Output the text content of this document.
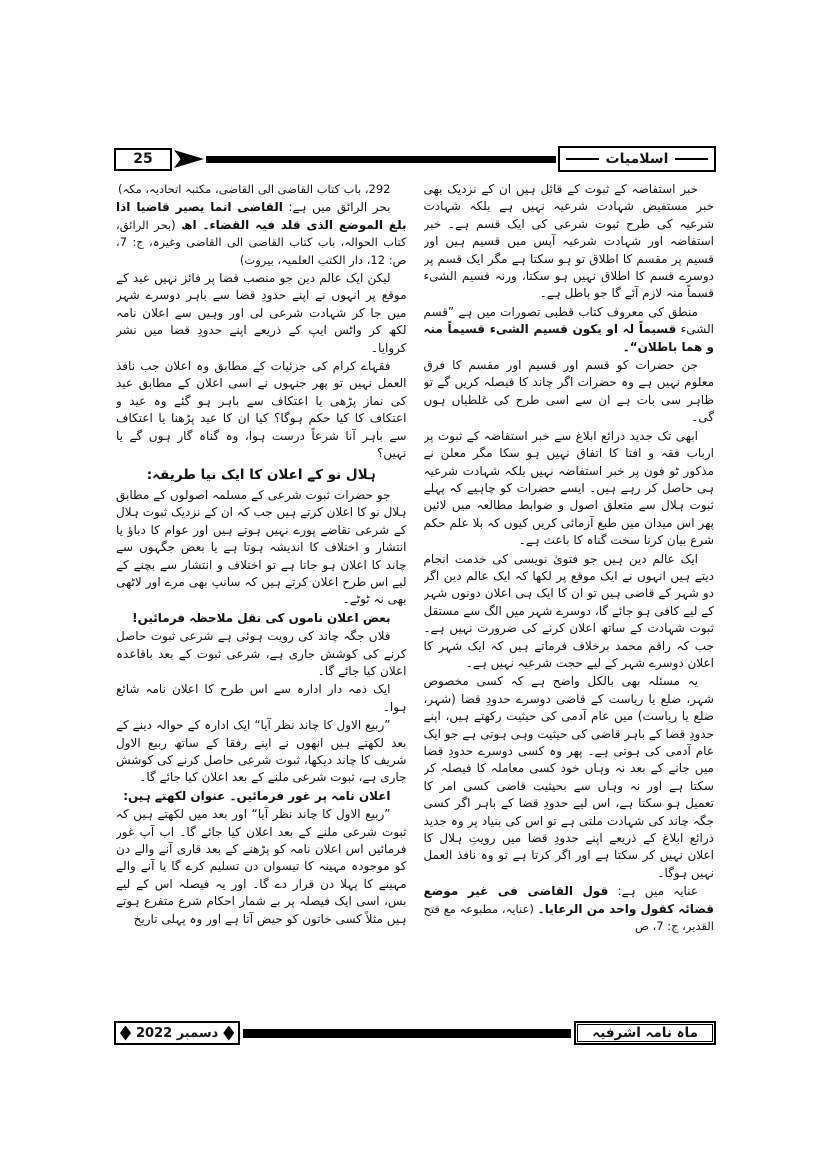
25	اسلامیات

خبر استفاضہ کے ثبوت کے قائل ہیں ان کے نزدیک بھی خبر مستفیض شہادت شرعیہ نہیں ہے بلکہ شہادت شرعیہ کی طرح ثبوت شرعی کی ایک قسم ہے۔ خبر استفاضہ اور شہادت شرعیہ آپس میں قسیم ہیں اور قسیم پر مقسم کا اطلاق تو ہو سکتا ہے مگر ایک قسم پر دوسرے قسم کا اطلاق نہیں ہو سکتا، ورنہ قسیم الشیء قسماً منہ لازم آئے گا جو باطل ہے۔

منطق کی معروف کتاب قطبی تصورات میں ہے ”قسم الشیء قسیماً لہ او یکون قسیم الشیء قسیماً منہ و ھما باطلان“۔

جن حضرات کو قسم اور قسیم اور مقسم کا فرق معلوم نہیں ہے وہ حضرات اگر چاند کا فیصلہ کریں گے تو ظاہر سی بات ہے ان سے اسی طرح کی غلطیاں ہوں گی۔

ابھی تک جدید ذرائع ابلاغ سے خبر استفاضہ کے ثبوت پر ارباب فقہ و افتا کا اتفاق نہیں ہو سکا مگر معلن نے مذکور ٹو فون پر خبر استفاضہ نہیں بلکہ شہادت شرعیہ ہی حاصل کر رہے ہیں۔ ایسے حضرات کو چاہیے کہ پہلے ثبوت ہلال سے متعلق اصول و ضوابط مطالعہ میں لائیں پھر اس میدان میں طبع آزمائی کریں کیوں کہ بلا علم حکم شرع بیان کرنا سخت گناہ کا باعث ہے۔

ایک عالم دین ہیں جو فتویٰ نویسی کی خدمت انجام دیتے ہیں انہوں نے ایک موقع پر لکھا کہ ایک عالم دین اگر دو شہر کے قاضی ہیں تو ان کا ایک ہی اعلان دونوں شہر کے لیے کافی ہو جائے گا، دوسرے شہر میں الگ سے مستقل ثبوت شہادت کے ساتھ اعلان کرنے کی ضرورت نہیں ہے۔ جب کہ راقم محمد برخلاف فرماتے ہیں کہ ایک شہر کا اعلان دوسرے شہر کے لیے حجت شرعیہ نہیں ہے۔

یہ مسئلہ بھی بالکل واضح ہے کہ کسی مخصوص شہر، ضلع یا ریاست کے قاضی دوسرے حدودِ قضا (شہر، ضلع یا ریاست) میں عام آدمی کی حیثیت رکھتے ہیں، اپنے حدودِ قضا کے باہر قاضی کی حیثیت وہی ہوتی ہے جو ایک عام آدمی کی ہوتی ہے۔ پھر وہ کسی دوسرے حدودِ قضا میں جانے کے بعد نہ وہاں خود کسی معاملہ کا فیصلہ کر سکتا ہے اور نہ وہاں سے بحیثیت قاضی کسی امر کا تعمیل ہو سکتا ہے، اس لیے حدودِ قضا کے باہر اگر کسی جگہ چاند کی شہادت ملتی ہے تو اس کی بنیاد پر وہ جدید ذرائع ابلاغ کے ذریعے اپنے حدودِ قضا میں رویتِ ہلال کا اعلان نہیں کر سکتا ہے اور اگر کرتا ہے تو وہ نافذ العمل نہیں ہوگا۔

عنایہ میں ہے: قول القاضی فی غیر موضع قضائہ کقول واحد من الرعایا۔ (عنایہ، مطبوعہ مع فتح القدیر، ج: 7، ص

292، باب کتاب القاضی الی القاضی، مکتبہ اتحادیہ، مکہ)

بحر الرائق میں ہے: القاضی انما یصیر قاضیا اذا بلغ الموضع الذی قلد فیہ القضاء۔ اھ (بحر الرائق، کتاب الحوالہ، باب کتاب القاضی الی القاضی وغیرہ، ج: 7، ص: 12، دار الکتب العلمیہ، بیروت)

لیکن ایک عالم دین جو منصب قضا پر فائز نہیں عید کے موقع پر انہوں نے اپنے حدودِ قضا سے باہر دوسرے شہر میں جا کر شہادت شرعی لی اور وہیں سے اعلان نامہ لکھ کر واٹس ایپ کے ذریعے اپنے حدودِ قضا میں نشر کروایا۔

فقہاے کرام کی جزئیات کے مطابق وہ اعلان جب نافذ العمل نہیں تو پھر جنہوں نے اسی اعلان کے مطابق عید کی نماز پڑھی یا اعتکاف سے باہر ہو گئے وہ عید و اعتکاف کا کیا حکم ہوگا؟ کیا ان کا عید پڑھنا یا اعتکاف سے باہر آنا شرعاً درست ہوا، وہ گناہ گار ہوں گے یا نہیں؟

ہلال نو کے اعلان کا ایک نیا طریقہ:

جو حضرات ثبوت شرعی کے مسلمہ اصولوں کے مطابق ہلال نو کا اعلان کرتے ہیں جب کہ ان کے نزدیک ثبوت ہلال کے شرعی تقاضے پورے نہیں ہوتے ہیں اور عوام کا دباؤ یا انتشار و اختلاف کا اندیشہ ہوتا ہے یا بعض جگہوں سے چاند کا اعلان ہو جاتا ہے تو اختلاف و انتشار سے بچنے کے لیے اس طرح اعلان کرتے ہیں کہ سانپ بھی مرے اور لاٹھی بھی نہ ٹوٹے۔

بعض اعلان ناموں کی نقل ملاحظہ فرمائیں!

فلاں جگہ چاند کی رویت ہوئی ہے شرعی ثبوت حاصل کرنے کی کوشش جاری ہے، شرعی ثبوت کے بعد باقاعدہ اعلان کیا جائے گا۔

ایک ذمہ دار ادارہ سے اس طرح کا اعلان نامہ شائع ہوا۔

”ربیع الاول کا چاند نظر آیا“ ایک ادارہ کے حوالہ دینے کے بعد لکھتے ہیں انھوں نے اپنے رفقا کے ساتھ ربیع الاول شریف کا چاند دیکھا، ثبوت شرعی حاصل کرنے کی کوشش جاری ہے، ثبوت شرعی ملنے کے بعد اعلان کیا جائے گا۔

اعلان نامہ پر غور فرمائیں۔ عنوان لکھتے ہیں:

”ربیع الاول کا چاند نظر آیا“ اور بعد میں لکھتے ہیں کہ ثبوت شرعی ملنے کے بعد اعلان کیا جائے گا۔ اب آپ غور فرمائیں اس اعلان نامہ کو پڑھنے کے بعد قاری آنے والے دن کو موجودہ مہینہ کا تیسواں دن تسلیم کرے گا یا آنے والے مہینے کا پہلا دن قرار دے گا۔ اور یہ فیصلہ اس کے لیے بس، اسی ایک فیصلہ پر بے شمار احکام شرع متفرع ہوتے ہیں مثلاً کسی خاتون کو حیض آتا ہے اور وہ پہلی تاریخ

دسمبر 2022	ماہ نامہ اشرفیہ
